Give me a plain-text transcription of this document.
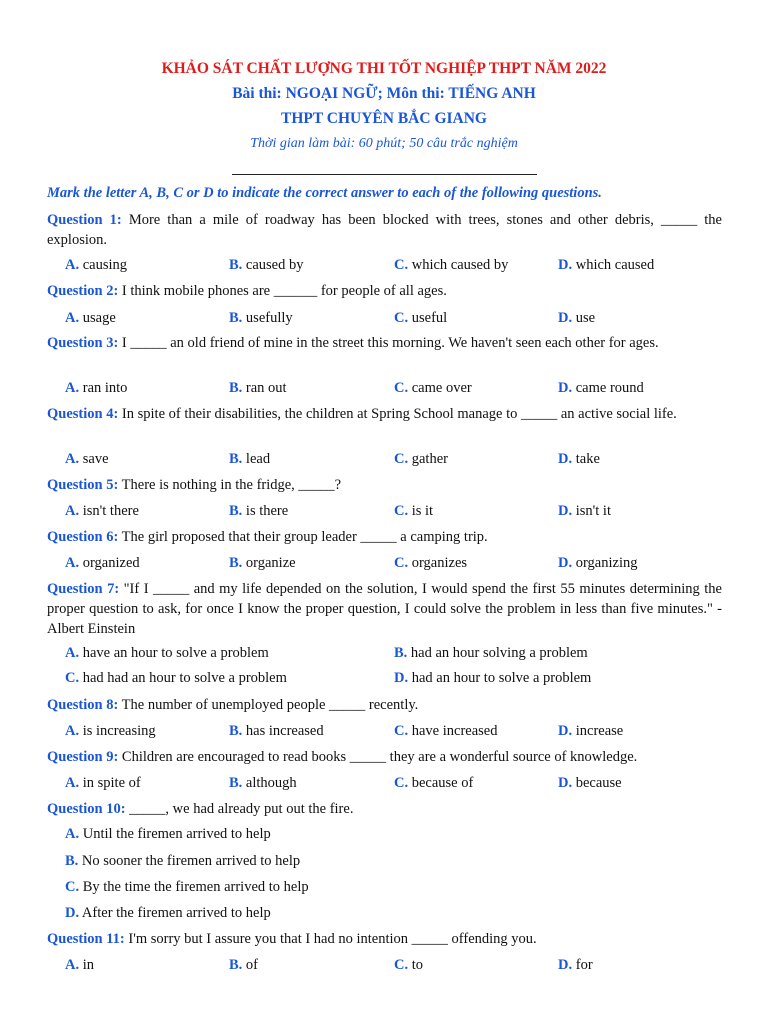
KHẢO SÁT CHẤT LƯỢNG THI TỐT NGHIỆP THPT NĂM 2022
Bài thi: NGOẠI NGỮ; Môn thi: TIẾNG ANH
THPT CHUYÊN BẮC GIANG
Thời gian làm bài: 60 phút; 50 câu trắc nghiệm
Mark the letter A, B, C or D to indicate the correct answer to each of the following questions.
Question 1: More than a mile of roadway has been blocked with trees, stones and other debris, _____ the explosion.
A. causing	B. caused by	C. which caused by	D. which caused
Question 2: I think mobile phones are ______ for people of all ages.
A. usage	B. usefully	C. useful	D. use
Question 3: I _____ an old friend of mine in the street this morning. We haven't seen each other for ages.
A. ran into	B. ran out	C. came over	D. came round
Question 4: In spite of their disabilities, the children at Spring School manage to _____ an active social life.
A. save	B. lead	C. gather	D. take
Question 5: There is nothing in the fridge, _____?
A. isn't there	B. is there	C. is it	D. isn't it
Question 6: The girl proposed that their group leader _____ a camping trip.
A. organized	B. organize	C. organizes	D. organizing
Question 7: "If I _____ and my life depended on the solution, I would spend the first 55 minutes determining the proper question to ask, for once I know the proper question, I could solve the problem in less than five minutes." - Albert Einstein
A. have an hour to solve a problem	B. had an hour solving a problem
C. had had an hour to solve a problem	D. had an hour to solve a problem
Question 8: The number of unemployed people _____ recently.
A. is increasing	B. has increased	C. have increased	D. increase
Question 9: Children are encouraged to read books _____ they are a wonderful source of knowledge.
A. in spite of	B. although	C. because of	D. because
Question 10: _____, we had already put out the fire.
A. Until the firemen arrived to help
B. No sooner the firemen arrived to help
C. By the time the firemen arrived to help
D. After the firemen arrived to help
Question 11: I'm sorry but I assure you that I had no intention _____ offending you.
A. in	B. of	C. to	D. for
